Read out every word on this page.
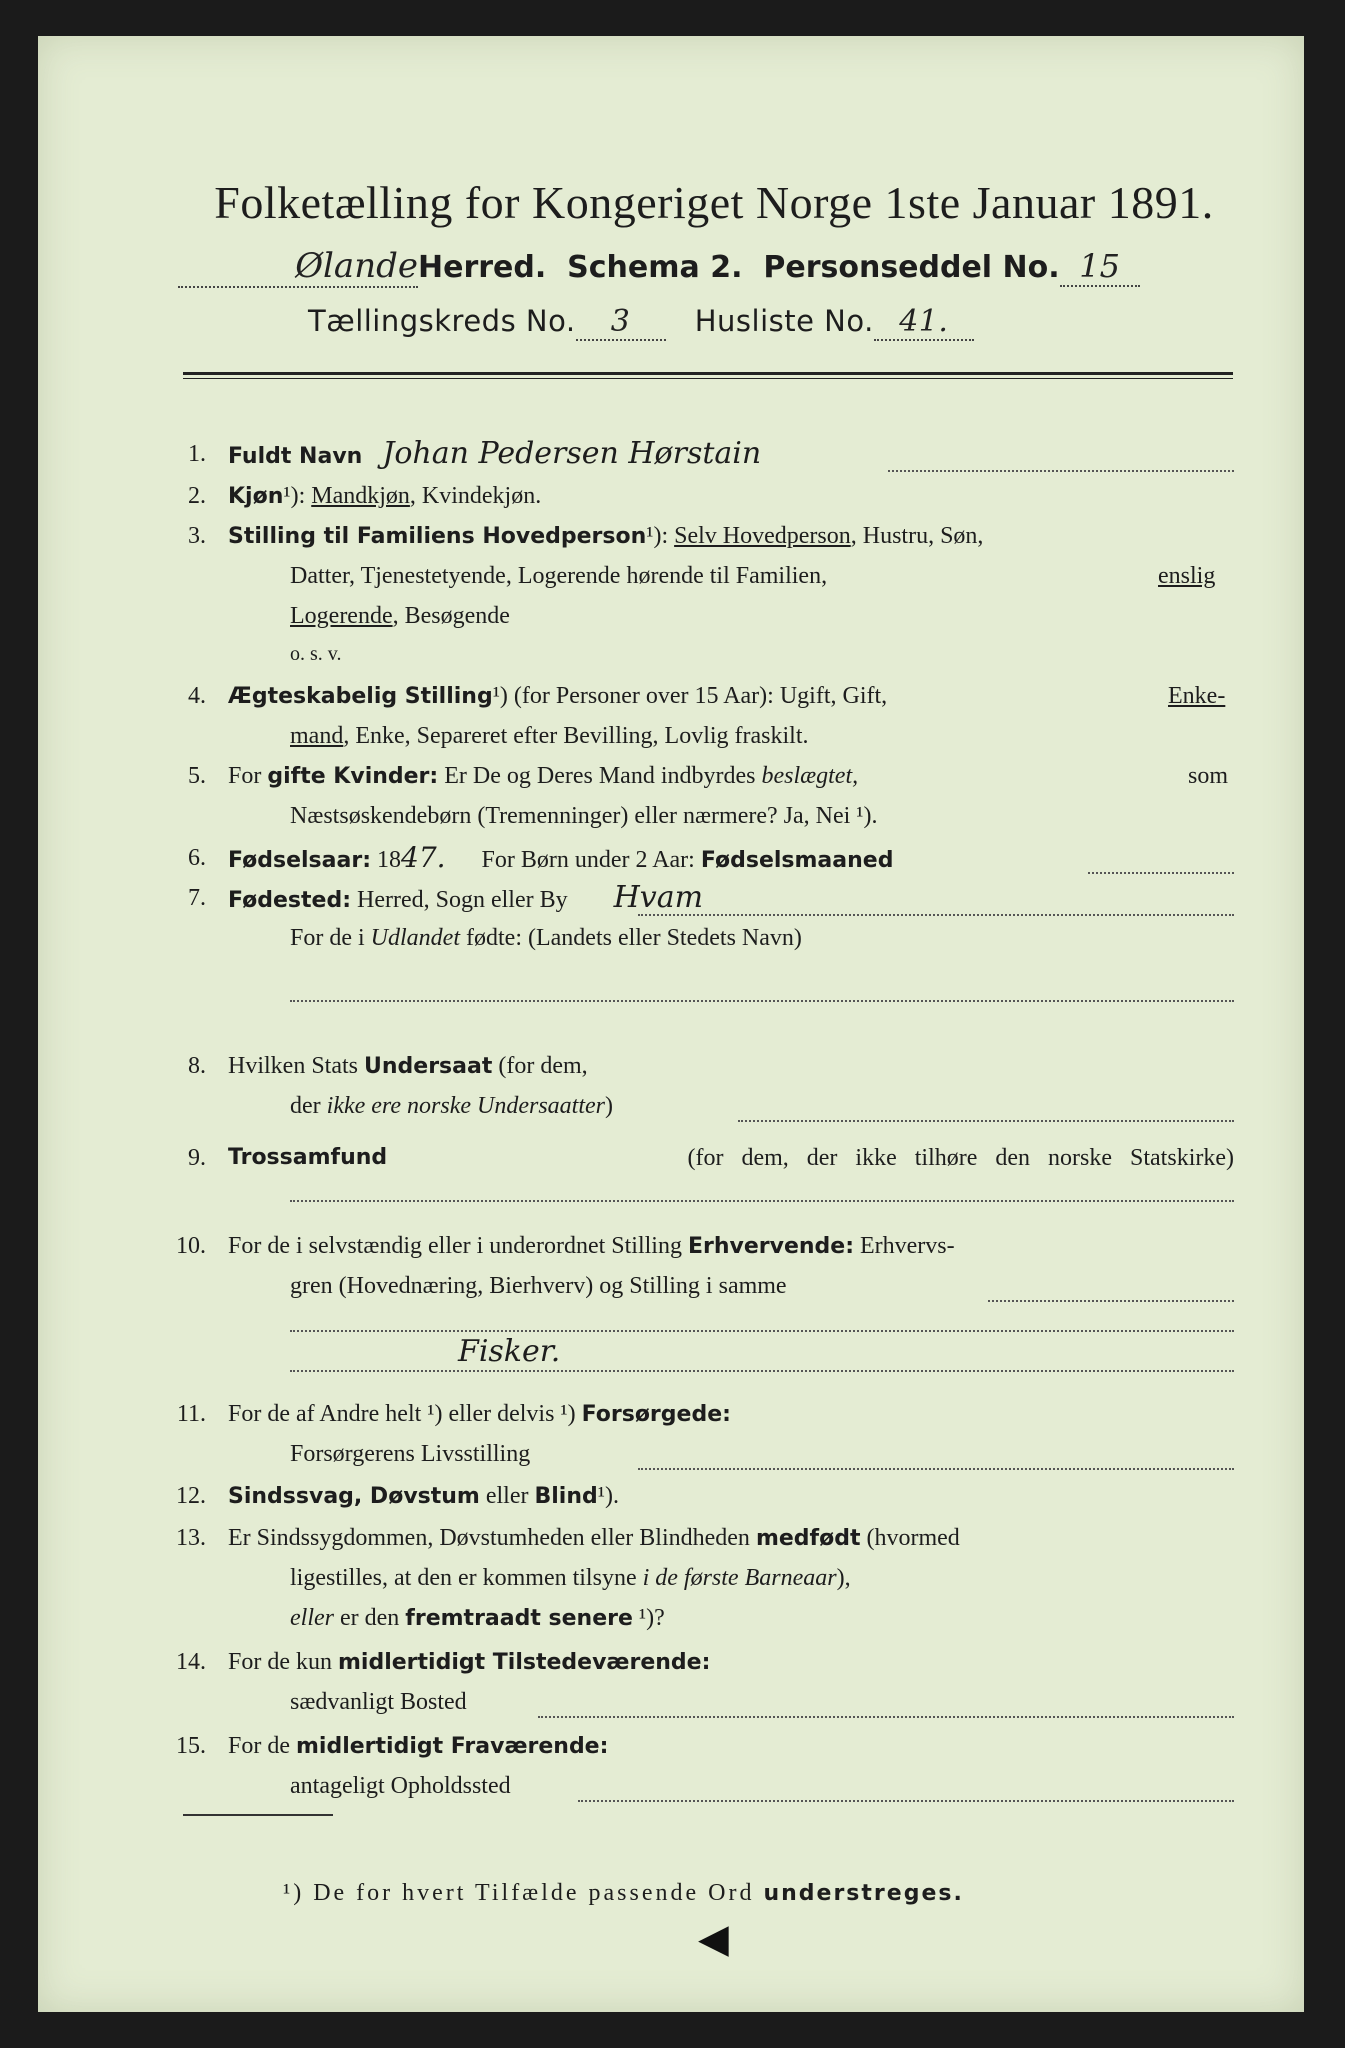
Folketælling for Kongeriget Norge 1ste Januar 1891.
ØlandeHerred. Schema 2. Personseddel No. 15
Tællingskreds No. 3 Husliste No. 41.
1. Fuldt Navn Johan Pedersen Hørstain
2. Kjøn¹): Mandkjøn, Kvindekjøn.
3. Stilling til Familiens Hovedperson¹): Selv Hovedperson, Hustru, Søn,
Datter, Tjenestetyende, Logerende hørende til Familien,	enslig
Logerende, Besøgende
o. s. v.
4. Ægteskabelig Stilling¹) (for Personer over 15 Aar): Ugift, Gift,	Enke-
mand, Enke, Separeret efter Bevilling, Lovlig fraskilt.
5. For gifte Kvinder: Er De og Deres Mand indbyrdes beslægtet,	som
Næstsøskendebørn (Tremenninger) eller nærmere? Ja, Nei ¹).
6. Fødselsaar: 1847. For Børn under 2 Aar: Fødselsmaaned
7. Fødested: Herred, Sogn eller By Hvam
For de i Udlandet fødte: (Landets eller Stedets Navn)
8. Hvilken Stats Undersaat (for dem,
der ikke ere norske Undersaatter)
9. Trossamfund	(for dem, der ikke tilhøre den norske Statskirke)
10. For de i selvstændig eller i underordnet Stilling Erhvervende: Erhvervs-
gren (Hovednæring, Bierhverv) og Stilling i samme
Fisker.
11. For de af Andre helt ¹) eller delvis ¹) Forsørgede:
Forsørgerens Livsstilling
12. Sindssvag, Døvstum eller Blind¹).
13. Er Sindssygdommen, Døvstumheden eller Blindheden medfødt (hvormed
ligestilles, at den er kommen tilsyne i de første Barneaar),
eller er den fremtraadt senere ¹)?
14. For de kun midlertidigt Tilstedeværende:
sædvanligt Bosted
15. For de midlertidigt Fraværende:
antageligt Opholdssted
¹) De for hvert Tilfælde passende Ord understreges.
◀
